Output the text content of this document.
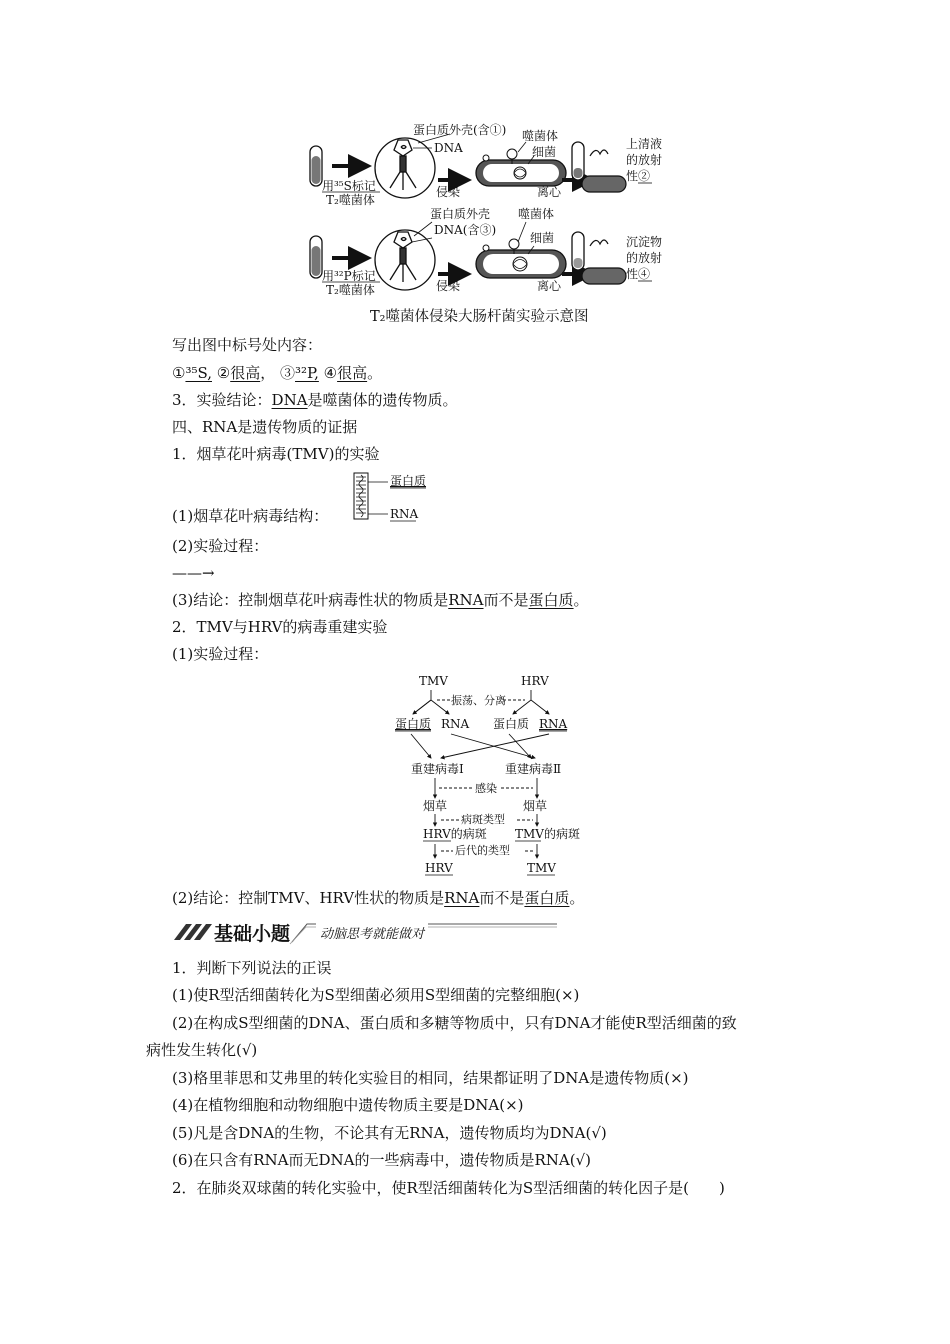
蛋白质外壳(含①)
DNA
侵染
噬菌体
细菌
离心
上清液
的放射
性②
用³⁵S标记
T₂噬菌体
蛋白质外壳
DNA(含③)
侵染
噬菌体
细菌
离心
沉淀物
的放射
性④
用³²P标记
T₂噬菌体
T₂噬菌体侵染大肠杆菌实验示意图
写出图中标号处内容：
①³⁵S, ②很高， ③³²P, ④很高。
3．实验结论：DNA是噬菌体的遗传物质。
四、RNA是遗传物质的证据
1．烟草花叶病毒(TMV)的实验
(1)烟草花叶病毒结构：
蛋白质
RNA
(2)实验过程：
——→
(3)结论：控制烟草花叶病毒性状的物质是RNA而不是蛋白质。
2．TMV与HRV的病毒重建实验
(1)实验过程：
TMV	HRV
振荡、分离
蛋白质 RNA 蛋白质 RNA
重建病毒Ⅰ	重建病毒Ⅱ
感染
烟草	烟草
病斑类型
HRV的病斑 TMV的病斑
后代的类型
HRV	TMV
(2)结论：控制TMV、HRV性状的物质是RNA而不是蛋白质。
基础小题	动脑思考就能做对
1．判断下列说法的正误
(1)使R型活细菌转化为S型细菌必须用S型细菌的完整细胞(×)
(2)在构成S型细菌的DNA、蛋白质和多糖等物质中，只有DNA才能使R型活细菌的致
病性发生转化(√)
(3)格里菲思和艾弗里的转化实验目的相同，结果都证明了DNA是遗传物质(×)
(4)在植物细胞和动物细胞中遗传物质主要是DNA(×)
(5)凡是含DNA的生物，不论其有无RNA，遗传物质均为DNA(√)
(6)在只含有RNA而无DNA的一些病毒中，遗传物质是RNA(√)
2．在肺炎双球菌的转化实验中，使R型活细菌转化为S型活细菌的转化因子是(　　)
